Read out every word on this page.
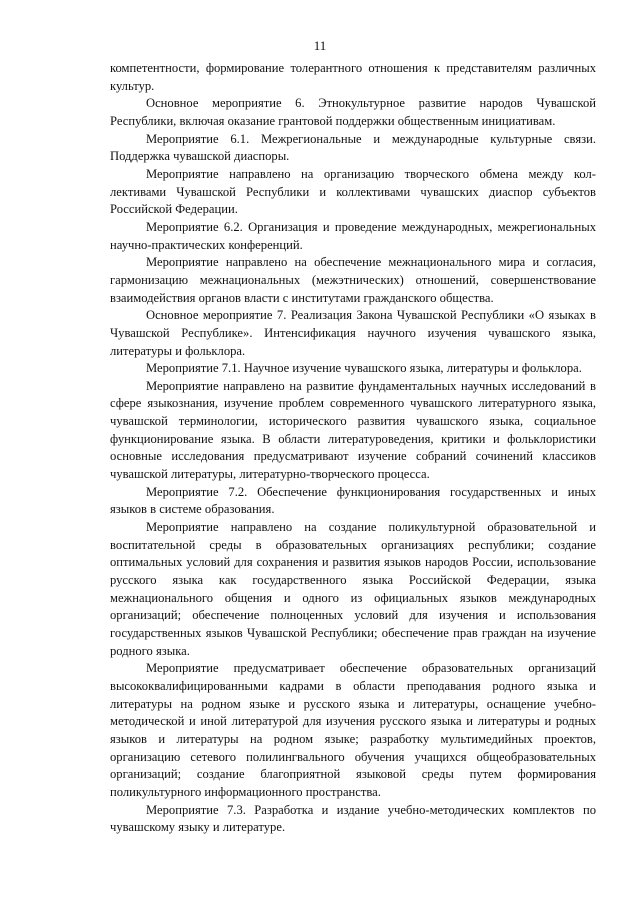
11

компетентности, формирование толерантного отношения к представителям различных культур.

Основное мероприятие 6. Этнокультурное развитие народов Чувашской Республики, включая оказание грантовой поддержки общественным инициативам.

Мероприятие 6.1. Межрегиональные и международные культурные связи. Поддержка чувашской диаспоры.

Мероприятие направлено на организацию творческого обмена между коллективами Чувашской Республики и коллективами чувашских диаспор субъектов Российской Федерации.

Мероприятие 6.2. Организация и проведение международных, межрегиональных научно-практических конференций.

Мероприятие направлено на обеспечение межнационального мира и согласия, гармонизацию межнациональных (межэтнических) отношений, совершенствование взаимодействия органов власти с институтами гражданского общества.

Основное мероприятие 7. Реализация Закона Чувашской Республики «О языках в Чувашской Республике». Интенсификация научного изучения чувашского языка, литературы и фольклора.

Мероприятие 7.1. Научное изучение чувашского языка, литературы и фольклора.

Мероприятие направлено на развитие фундаментальных научных исследований в сфере языкознания, изучение проблем современного чувашского литературного языка, чувашской терминологии, исторического развития чувашского языка, социальное функционирование языка. В области литературоведения, критики и фольклористики основные исследования предусматривают изучение собраний сочинений классиков чувашской литературы, литературно-творческого процесса.

Мероприятие 7.2. Обеспечение функционирования государственных и иных языков в системе образования.

Мероприятие направлено на создание поликультурной образовательной и воспитательной среды в образовательных организациях республики; создание оптимальных условий для сохранения и развития языков народов России, использование русского языка как государственного языка Российской Федерации, языка межнационального общения и одного из официальных языков международных организаций; обеспечение полноценных условий для изучения и использования государственных языков Чувашской Республики; обеспечение прав граждан на изучение родного языка.

Мероприятие предусматривает обеспечение образовательных организаций высококвалифицированными кадрами в области преподавания родного языка и литературы на родном языке и русского языка и литературы, оснащение учебно-методической и иной литературой для изучения русского языка и литературы и родных языков и литературы на родном языке; разработку мультимедийных проектов, организацию сетевого полилингвального обучения учащихся общеобразовательных организаций; создание благоприятной языковой среды путем формирования поликультурного информационного пространства.

Мероприятие 7.3. Разработка и издание учебно-методических комплектов по чувашскому языку и литературе.
